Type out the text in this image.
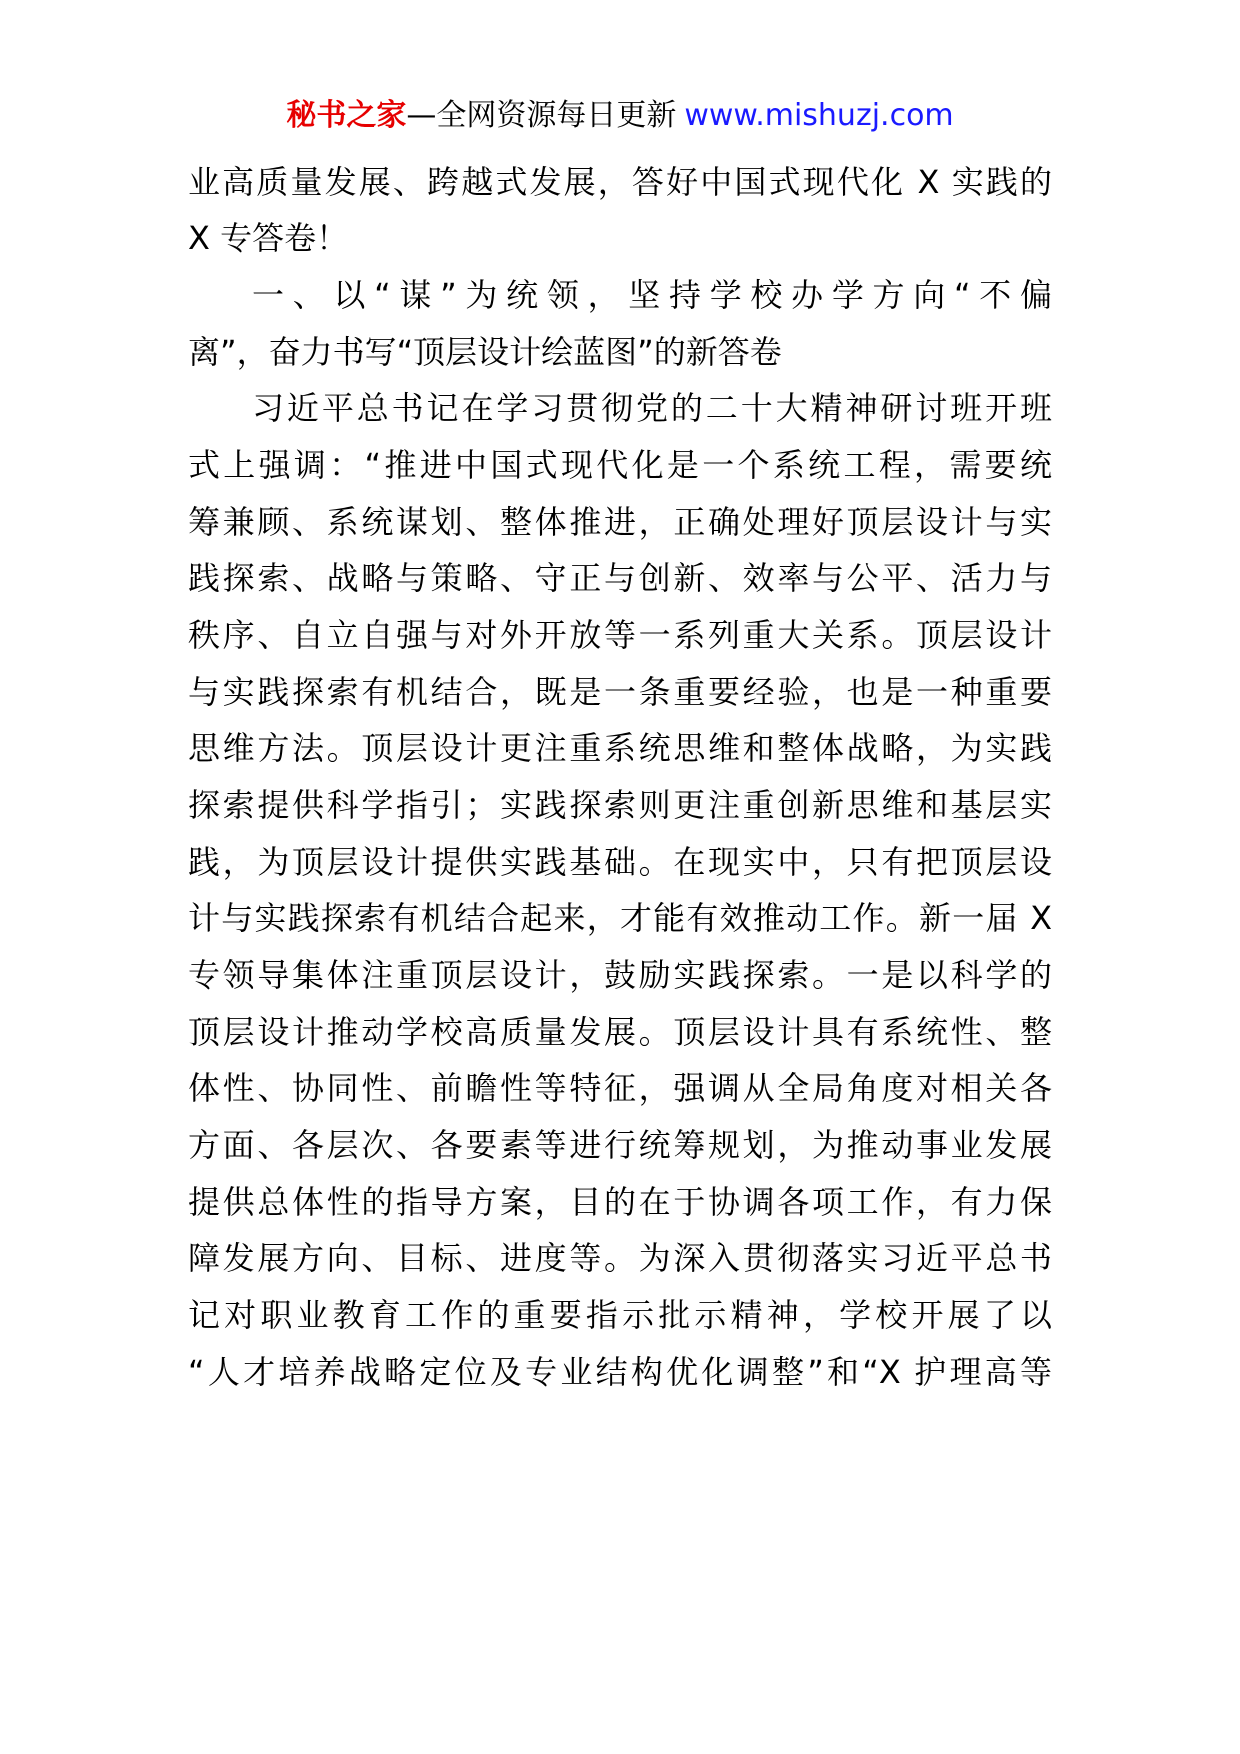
秘书之家—全网资源每日更新 www.mishuzj.com
业高质量发展、跨越式发展，答好中国式现代化 X 实践的
X 专答卷！
一、以“谋”为统领，坚持学校办学方向“不偏
离”，奋力书写“顶层设计绘蓝图”的新答卷
习近平总书记在学习贯彻党的二十大精神研讨班开班
式上强调：“推进中国式现代化是一个系统工程，需要统
筹兼顾、系统谋划、整体推进，正确处理好顶层设计与实
践探索、战略与策略、守正与创新、效率与公平、活力与
秩序、自立自强与对外开放等一系列重大关系。顶层设计
与实践探索有机结合，既是一条重要经验，也是一种重要
思维方法。顶层设计更注重系统思维和整体战略，为实践
探索提供科学指引；实践探索则更注重创新思维和基层实
践，为顶层设计提供实践基础。在现实中，只有把顶层设
计与实践探索有机结合起来，才能有效推动工作。新一届 X
专领导集体注重顶层设计，鼓励实践探索。一是以科学的
顶层设计推动学校高质量发展。顶层设计具有系统性、整
体性、协同性、前瞻性等特征，强调从全局角度对相关各
方面、各层次、各要素等进行统筹规划，为推动事业发展
提供总体性的指导方案，目的在于协调各项工作，有力保
障发展方向、目标、进度等。为深入贯彻落实习近平总书
记对职业教育工作的重要指示批示精神，学校开展了以
“人才培养战略定位及专业结构优化调整”和“X 护理高等
